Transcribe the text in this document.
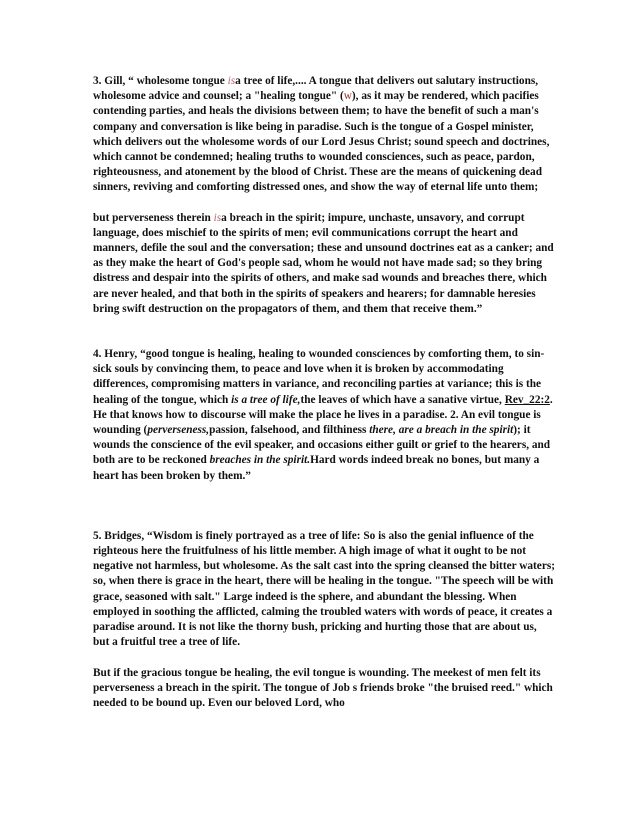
3. Gill, “ wholesome tongue isa tree of life,.... A tongue that delivers out salutary instructions, wholesome advice and counsel; a "healing tongue" (w), as it may be rendered, which pacifies contending parties, and heals the divisions between them; to have the benefit of such a man's company and conversation is like being in paradise. Such is the tongue of a Gospel minister, which delivers out the wholesome words of our Lord Jesus Christ; sound speech and doctrines, which cannot be condemned; healing truths to wounded consciences, such as peace, pardon, righteousness, and atonement by the blood of Christ. These are the means of quickening dead sinners, reviving and comforting distressed ones, and show the way of eternal life unto them;

but perverseness therein isa breach in the spirit; impure, unchaste, unsavory, and corrupt language, does mischief to the spirits of men; evil communications corrupt the heart and manners, defile the soul and the conversation; these and unsound doctrines eat as a canker; and as they make the heart of God's people sad, whom he would not have made sad; so they bring distress and despair into the spirits of others, and make sad wounds and breaches there, which are never healed, and that both in the spirits of speakers and hearers; for damnable heresies bring swift destruction on the propagators of them, and them that receive them.”

4. Henry, “good tongue is healing, healing to wounded consciences by comforting them, to sin-sick souls by convincing them, to peace and love when it is broken by accommodating differences, compromising matters in variance, and reconciling parties at variance; this is the healing of the tongue, which is a tree of life,the leaves of which have a sanative virtue, Rev_22:2. He that knows how to discourse will make the place he lives in a paradise. 2. An evil tongue is wounding (perverseness,passion, falsehood, and filthiness there, are a breach in the spirit); it wounds the conscience of the evil speaker, and occasions either guilt or grief to the hearers, and both are to be reckoned breaches in the spirit.Hard words indeed break no bones, but many a heart has been broken by them.”

5. Bridges, “Wisdom is finely portrayed as a tree of life: So is also the genial influence of the righteous here the fruitfulness of his little member. A high image of what it ought to be not negative not harmless, but wholesome. As the salt cast into the spring cleansed the bitter waters; so, when there is grace in the heart, there will be healing in the tongue. "The speech will be with grace, seasoned with salt." Large indeed is the sphere, and abundant the blessing. When employed in soothing the afflicted, calming the troubled waters with words of peace, it creates a paradise around. It is not like the thorny bush, pricking and hurting those that are about us, but a fruitful tree a tree of life.

But if the gracious tongue be healing, the evil tongue is wounding. The meekest of men felt its perverseness a breach in the spirit. The tongue of Job s friends broke "the bruised reed." which needed to be bound up. Even our beloved Lord, who
